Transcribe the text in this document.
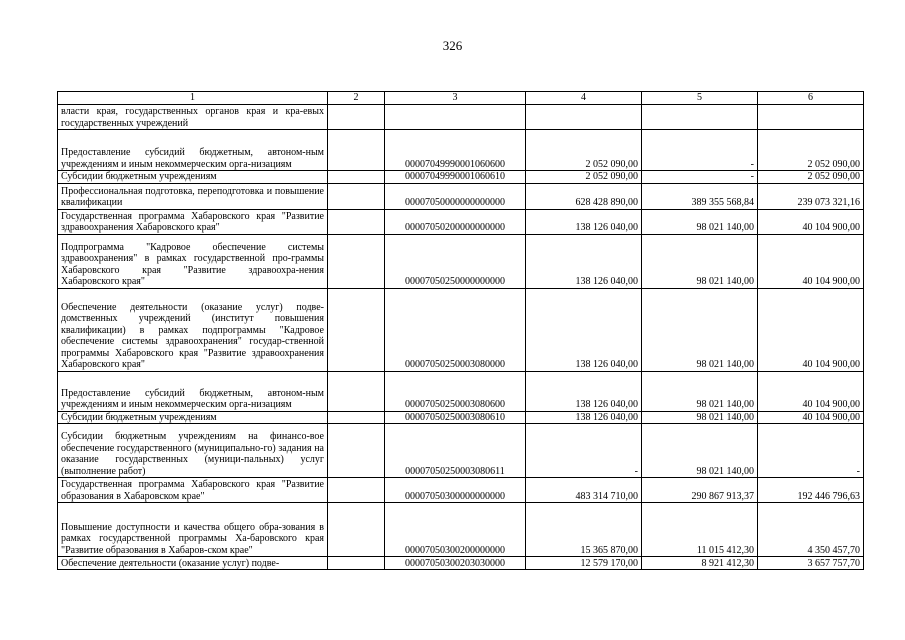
326
1	2	3	4	5	6
власти края, государственных органов края и кра-евых государственных учреждений					
Предоставление субсидий бюджетным, автоном-ным учреждениям и иным некоммерческим орга-низациям		00007049990001060600	2 052 090,00	-	2 052 090,00
Субсидии бюджетным учреждениям		00007049990001060610	2 052 090,00	-	2 052 090,00
Профессиональная подготовка, переподготовка и повышение квалификации		00007050000000000000	628 428 890,00	389 355 568,84	239 073 321,16
Государственная программа Хабаровского края "Развитие здравоохранения Хабаровского края"		00007050200000000000	138 126 040,00	98 021 140,00	40 104 900,00
Подпрограмма "Кадровое обеспечение системы здравоохранения" в рамках государственной про-граммы Хабаровского края "Развитие здравоохра-нения Хабаровского края"		00007050250000000000	138 126 040,00	98 021 140,00	40 104 900,00
Обеспечение деятельности (оказание услуг) подве-домственных учреждений (институт повышения квалификации) в рамках подпрограммы "Кадровое обеспечение системы здравоохранения" государ-ственной программы Хабаровского края "Развитие здравоохранения Хабаровского края"		00007050250003080000	138 126 040,00	98 021 140,00	40 104 900,00
Предоставление субсидий бюджетным, автоном-ным учреждениям и иным некоммерческим орга-низациям		00007050250003080600	138 126 040,00	98 021 140,00	40 104 900,00
Субсидии бюджетным учреждениям		00007050250003080610	138 126 040,00	98 021 140,00	40 104 900,00
Субсидии бюджетным учреждениям на финансо-вое обеспечение государственного (муниципально-го) задания на оказание государственных (муници-пальных) услуг (выполнение работ)		00007050250003080611	-	98 021 140,00	-
Государственная программа Хабаровского края "Развитие образования в Хабаровском крае"		00007050300000000000	483 314 710,00	290 867 913,37	192 446 796,63
Повышение доступности и качества общего обра-зования в рамках государственной программы Ха-баровского края "Развитие образования в Хабаров-ском крае"		00007050300200000000	15 365 870,00	11 015 412,30	4 350 457,70
Обеспечение деятельности (оказание услуг) подве-		00007050300203030000	12 579 170,00	8 921 412,30	3 657 757,70
